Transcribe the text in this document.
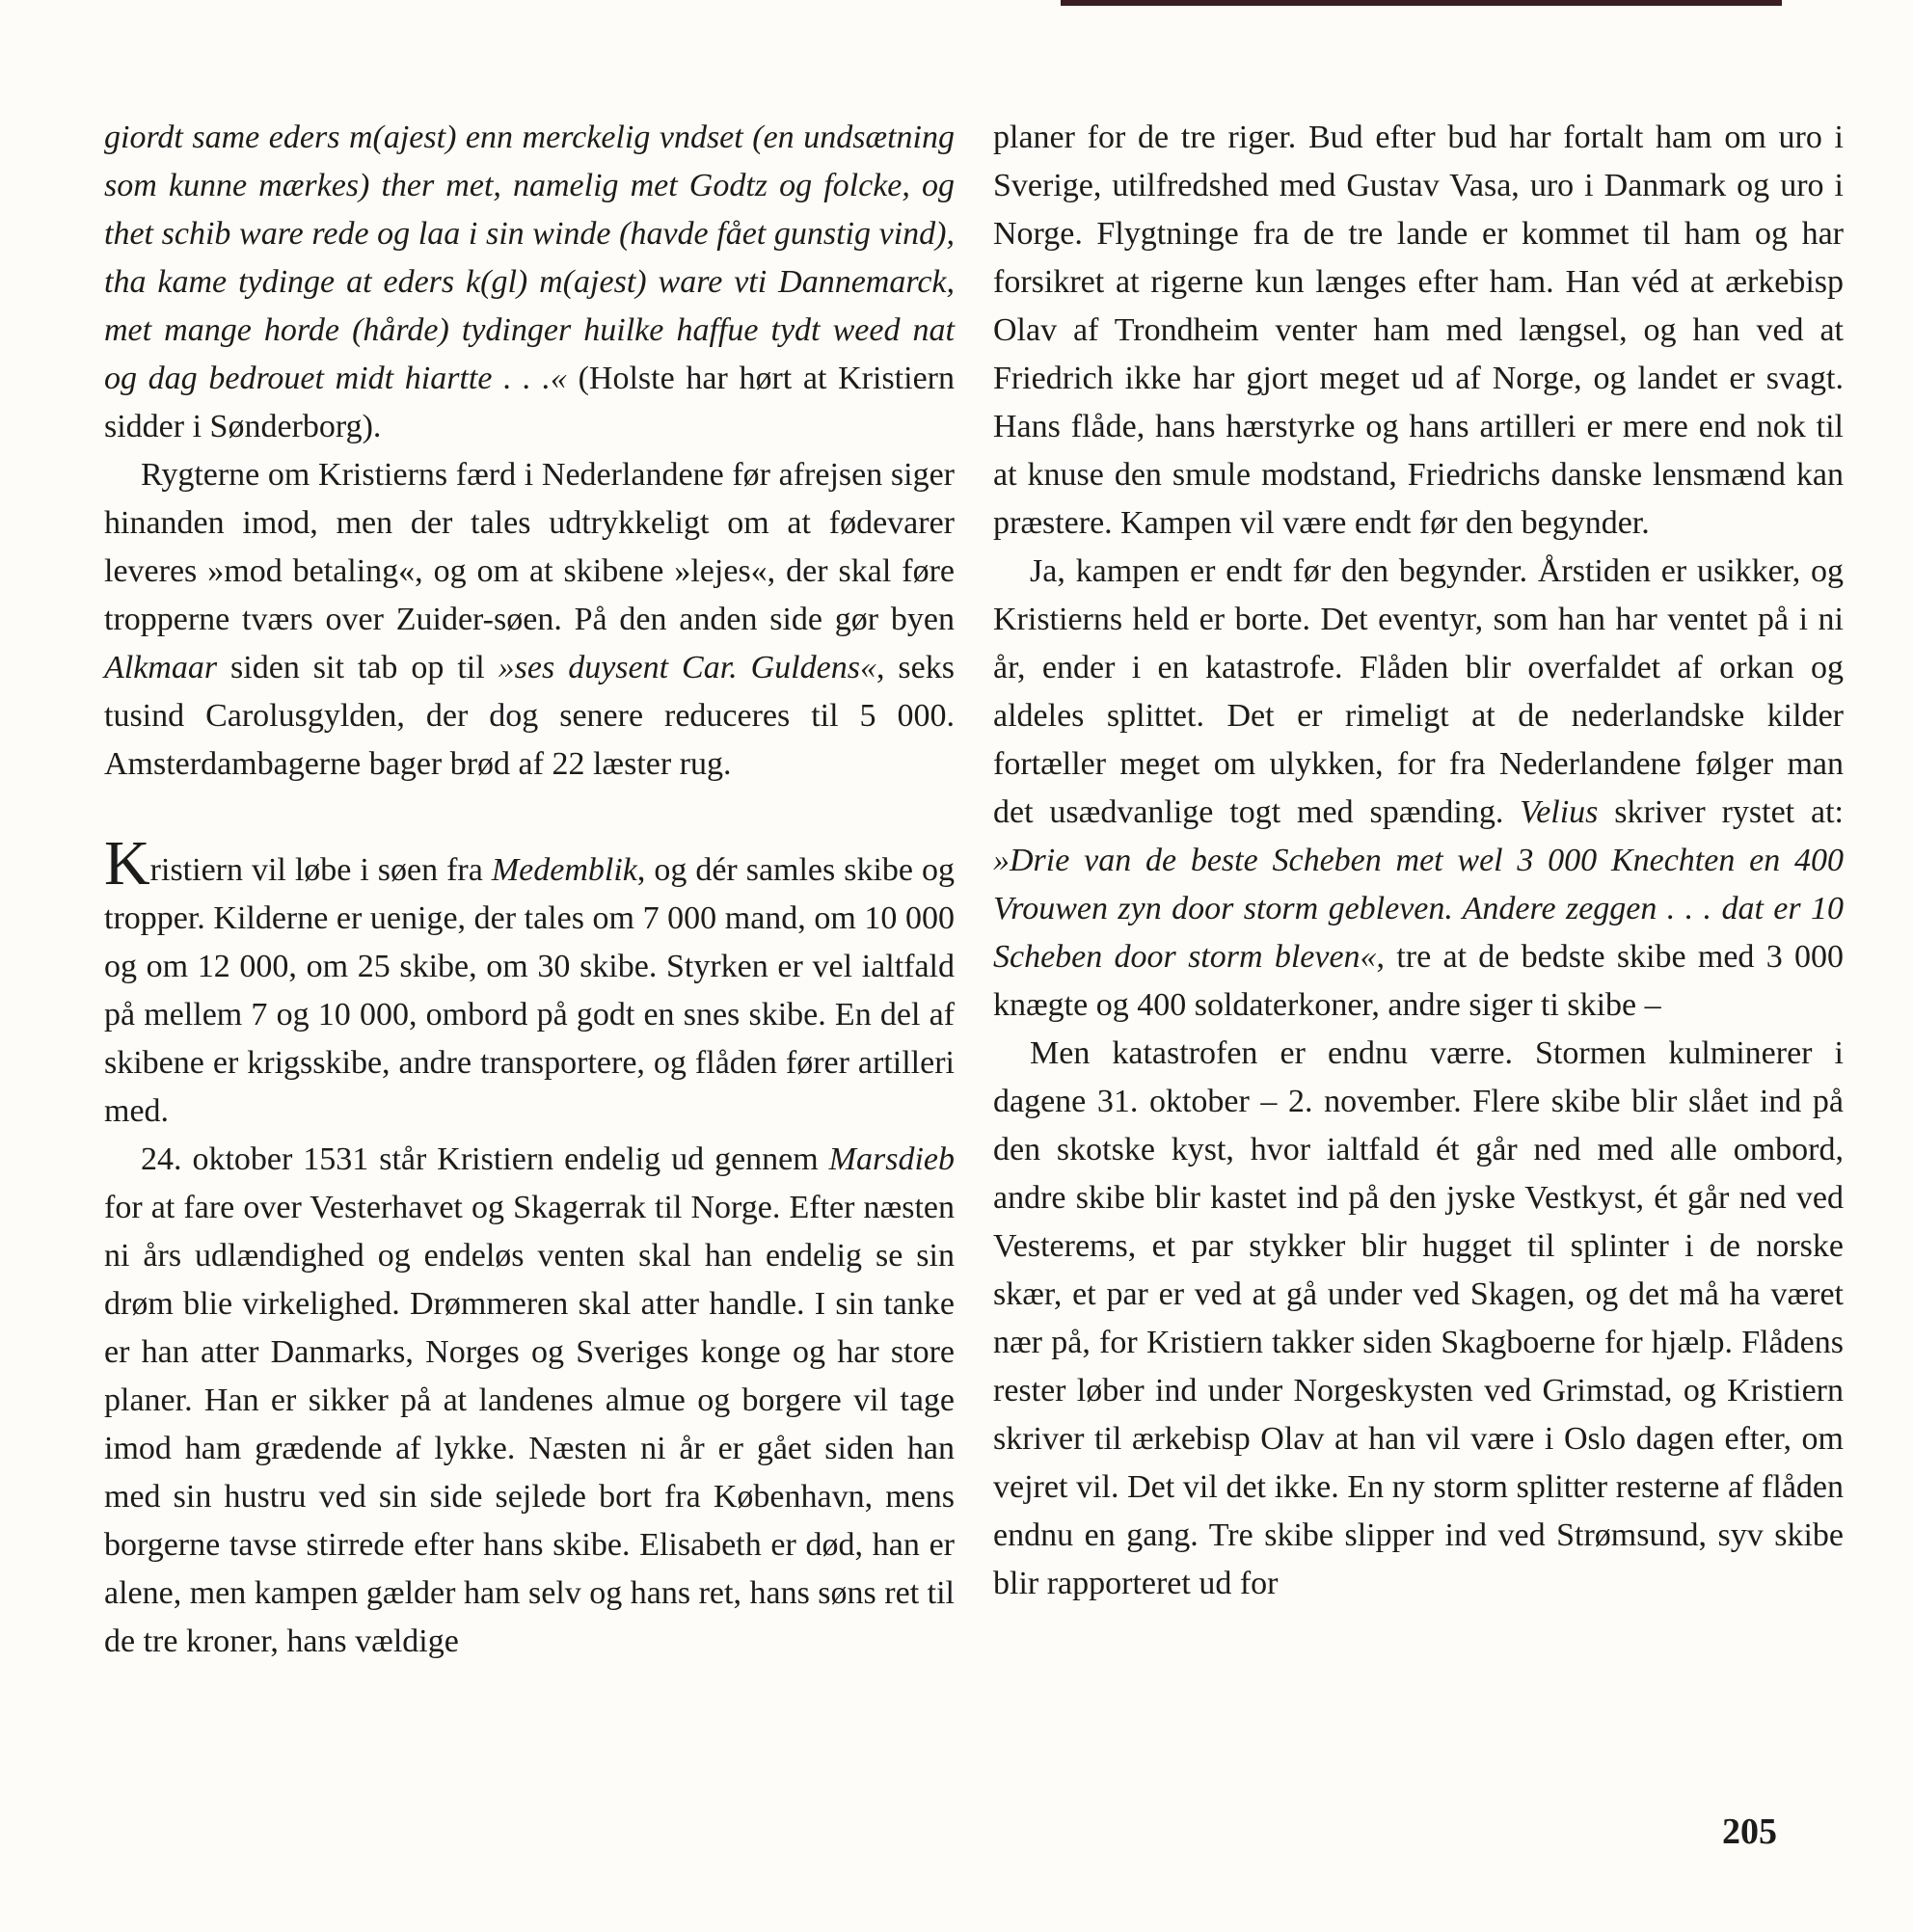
giordt same eders m(ajest) enn merckelig vndset (en undsætning som kunne mærkes) ther met, namelig met Godtz og folcke, og thet schib ware rede og laa i sin winde (havde fået gunstig vind), tha kame tydinge at eders k(gl) m(ajest) ware vti Dannemarck, met mange horde (hårde) tydinger huilke haffue tydt weed nat og dag bedrouet midt hiartte . . .« (Holste har hørt at Kristiern sidder i Sønderborg).

Rygterne om Kristierns færd i Nederlandene før afrejsen siger hinanden imod, men der tales udtrykkeligt om at fødevarer leveres »mod betaling«, og om at skibene »lejes«, der skal føre tropperne tværs over Zuider-søen. På den anden side gør byen Alkmaar siden sit tab op til »ses duysent Car. Guldens«, seks tusind Carolusgylden, der dog senere reduceres til 5 000. Amsterdambagerne bager brød af 22 læster rug.

Kristiern vil løbe i søen fra Medemblik, og dér samles skibe og tropper. Kilderne er uenige, der tales om 7 000 mand, om 10 000 og om 12 000, om 25 skibe, om 30 skibe. Styrken er vel ialtfald på mellem 7 og 10 000, ombord på godt en snes skibe. En del af skibene er krigsskibe, andre transportere, og flåden fører artilleri med.

24. oktober 1531 står Kristiern endelig ud gennem Marsdieb for at fare over Vesterhavet og Skagerrak til Norge. Efter næsten ni års udlændighed og endeløs venten skal han endelig se sin drøm blie virkelighed. Drømmeren skal atter handle. I sin tanke er han atter Danmarks, Norges og Sveriges konge og har store planer. Han er sikker på at landenes almue og borgere vil tage imod ham grædende af lykke. Næsten ni år er gået siden han med sin hustru ved sin side sejlede bort fra København, mens borgerne tavse stirrede efter hans skibe. Elisabeth er død, han er alene, men kampen gælder ham selv og hans ret, hans søns ret til de tre kroner, hans vældige

planer for de tre riger. Bud efter bud har fortalt ham om uro i Sverige, utilfredshed med Gustav Vasa, uro i Danmark og uro i Norge. Flygtninge fra de tre lande er kommet til ham og har forsikret at rigerne kun længes efter ham. Han véd at ærkebisp Olav af Trondheim venter ham med længsel, og han ved at Friedrich ikke har gjort meget ud af Norge, og landet er svagt. Hans flåde, hans hærstyrke og hans artilleri er mere end nok til at knuse den smule modstand, Friedrichs danske lensmænd kan præstere. Kampen vil være endt før den begynder.

Ja, kampen er endt før den begynder. Årstiden er usikker, og Kristierns held er borte. Det eventyr, som han har ventet på i ni år, ender i en katastrofe. Flåden blir overfaldet af orkan og aldeles splittet. Det er rimeligt at de nederlandske kilder fortæller meget om ulykken, for fra Nederlandene følger man det usædvanlige togt med spænding. Velius skriver rystet at: »Drie van de beste Scheben met wel 3 000 Knechten en 400 Vrouwen zyn door storm gebleven. Andere zeggen . . . dat er 10 Scheben door storm bleven«, tre at de bedste skibe med 3 000 knægte og 400 soldaterkoner, andre siger ti skibe –

Men katastrofen er endnu værre. Stormen kulminerer i dagene 31. oktober – 2. november. Flere skibe blir slået ind på den skotske kyst, hvor ialtfald ét går ned med alle ombord, andre skibe blir kastet ind på den jyske Vestkyst, ét går ned ved Vesterems, et par stykker blir hugget til splinter i de norske skær, et par er ved at gå under ved Skagen, og det må ha været nær på, for Kristiern takker siden Skagboerne for hjælp. Flådens rester løber ind under Norgeskysten ved Grimstad, og Kristiern skriver til ærkebisp Olav at han vil være i Oslo dagen efter, om vejret vil. Det vil det ikke. En ny storm splitter resterne af flåden endnu en gang. Tre skibe slipper ind ved Strømsund, syv skibe blir rapporteret ud for

205
